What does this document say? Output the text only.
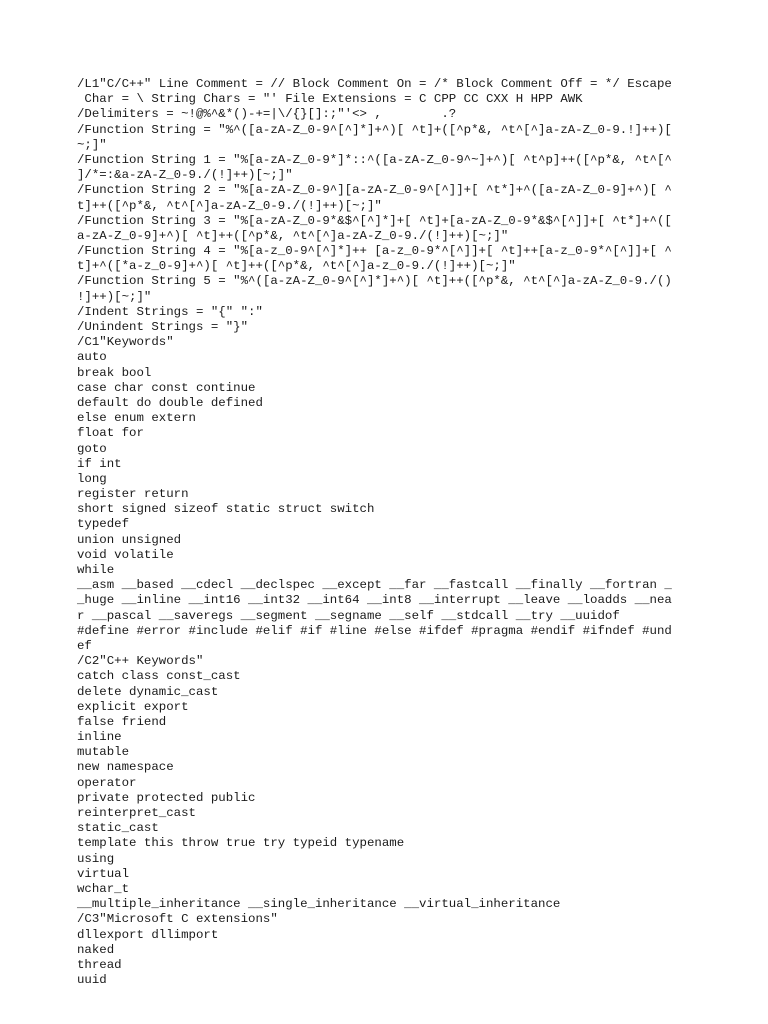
/L1"C/C++" Line Comment = // Block Comment On = /* Block Comment Off = */ Escape
Char = \ String Chars = "' File Extensions = C CPP CC CXX H HPP AWK
/Delimiters = ~!@%^&*()-+=|\/{}[]:;"'<> ,        .?
/Function String = "%^([a-zA-Z_0-9^[^]*]+^)[ ^t]+([^p*&, ^t^[^]a-zA-Z_0-9.!]++)[
~;]"
/Function String 1 = "%[a-zA-Z_0-9*]*::^([a-zA-Z_0-9^~]+^)[ ^t^p]++([^p*&, ^t^[^
]/*=:&a-zA-Z_0-9./(!]++)[~;]"
/Function String 2 = "%[a-zA-Z_0-9^][a-zA-Z_0-9^[^]]+[ ^t*]+^([a-zA-Z_0-9]+^)[ ^
t]++([^p*&, ^t^[^]a-zA-Z_0-9./(!]++)[~;]"
/Function String 3 = "%[a-zA-Z_0-9*&$^[^]*]+[ ^t]+[a-zA-Z_0-9*&$^[^]]+[ ^t*]+^([
a-zA-Z_0-9]+^)[ ^t]++([^p*&, ^t^[^]a-zA-Z_0-9./(!]++)[~;]"
/Function String 4 = "%[a-z_0-9^[^]*]++ [a-z_0-9*^[^]]+[ ^t]++[a-z_0-9*^[^]]+[ ^
t]+^([*a-z_0-9]+^)[ ^t]++([^p*&, ^t^[^]a-z_0-9./(!]++)[~;]"
/Function String 5 = "%^([a-zA-Z_0-9^[^]*]+^)[ ^t]++([^p*&, ^t^[^]a-zA-Z_0-9./()
!]++)[~;]"
/Indent Strings = "{" ":"
/Unindent Strings = "}"
/C1"Keywords"
auto
break bool
case char const continue
default do double defined
else enum extern
float for
goto
if int
long
register return
short signed sizeof static struct switch
typedef
union unsigned
void volatile
while
__asm __based __cdecl __declspec __except __far __fastcall __finally __fortran _
_huge __inline __int16 __int32 __int64 __int8 __interrupt __leave __loadds __nea
r __pascal __saveregs __segment __segname __self __stdcall __try __uuidof
#define #error #include #elif #if #line #else #ifdef #pragma #endif #ifndef #und
ef
/C2"C++ Keywords"
catch class const_cast
delete dynamic_cast
explicit export
false friend
inline
mutable
new namespace
operator
private protected public
reinterpret_cast
static_cast
template this throw true try typeid typename
using
virtual
wchar_t
__multiple_inheritance __single_inheritance __virtual_inheritance
/C3"Microsoft C extensions"
dllexport dllimport
naked
thread
uuid
